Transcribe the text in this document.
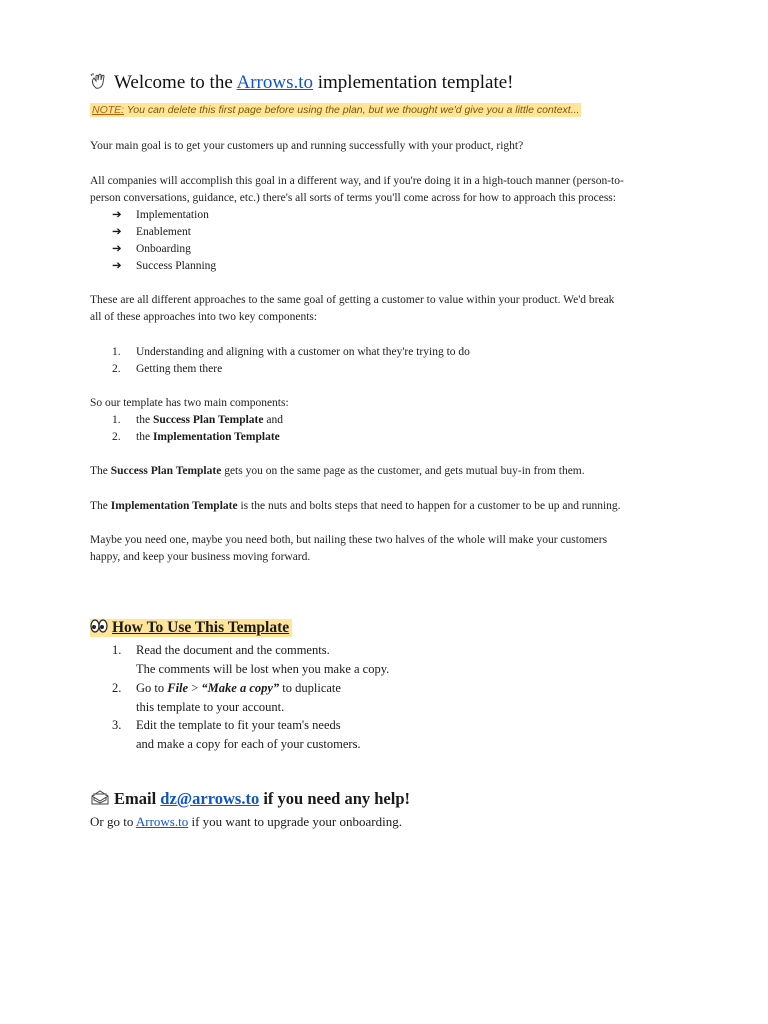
Welcome to the Arrows.to implementation template!
NOTE: You can delete this first page before using the plan, but we thought we'd give you a little context...
Your main goal is to get your customers up and running successfully with your product, right?
All companies will accomplish this goal in a different way, and if you're doing it in a high-touch manner (person-to-
person conversations, guidance, etc.) there's all sorts of terms you'll come across for how to approach this process:
➔ Implementation
➔ Enablement
➔ Onboarding
➔ Success Planning
These are all different approaches to the same goal of getting a customer to value within your product. We'd break
all of these approaches into two key components:
1. Understanding and aligning with a customer on what they're trying to do
2. Getting them there
So our template has two main components:
1. the Success Plan Template and
2. the Implementation Template
The Success Plan Template gets you on the same page as the customer, and gets mutual buy-in from them.
The Implementation Template is the nuts and bolts steps that need to happen for a customer to be up and running.
Maybe you need one, maybe you need both, but nailing these two halves of the whole will make your customers
happy, and keep your business moving forward.
How To Use This Template
1. Read the document and the comments.
The comments will be lost when you make a copy.
2. Go to File > “Make a copy” to duplicate
this template to your account.
3. Edit the template to fit your team's needs
and make a copy for each of your customers.
Email dz@arrows.to if you need any help!
Or go to Arrows.to if you want to upgrade your onboarding.
